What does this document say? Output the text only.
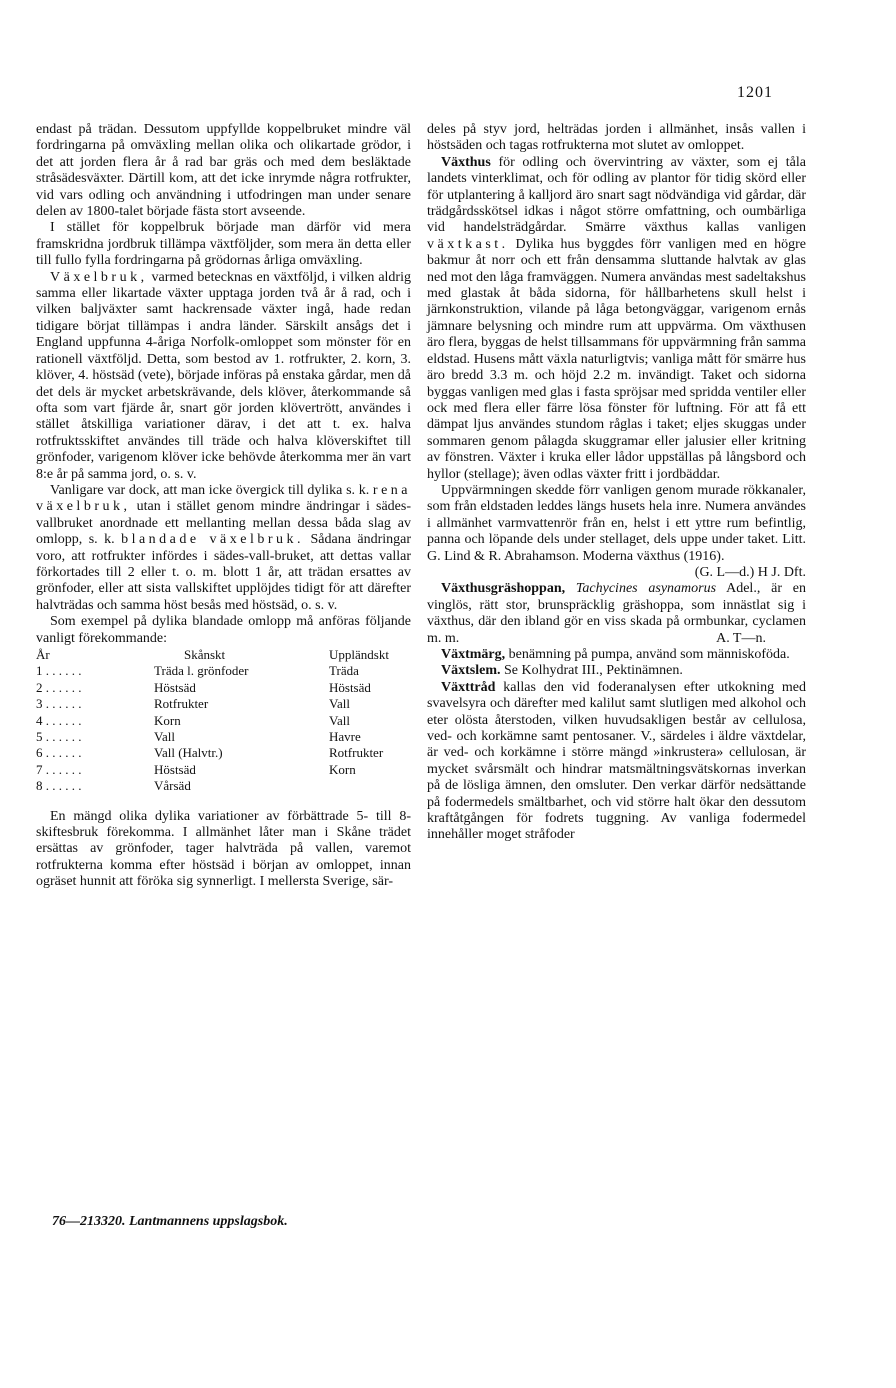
1201

endast på trädan. Dessutom uppfyllde koppelbruket mindre väl fordringarna på omväxling mellan olika och olikartade grödor, i det att jorden flera år å rad bar gräs och med dem besläktade stråsädesväxter. Därtill kom, att det icke inrymde några rotfrukter, vid vars odling och användning i utfodringen man under senare delen av 1800-talet började fästa stort avseende.

I stället för koppelbruk började man därför vid mera framskridna jordbruk tillämpa växtföljder, som mera än detta eller till fullo fylla fordringarna på grödornas årliga omväxling.

Växelbruk, varmed betecknas en växtföljd, i vilken aldrig samma eller likartade växter upptaga jorden två år å rad, och i vilken baljväxter samt hackrensade växter ingå, hade redan tidigare börjat tillämpas i andra länder. Särskilt ansågs det i England uppfunna 4-åriga Norfolk-omloppet som mönster för en rationell växtföljd. Detta, som bestod av 1. rotfrukter, 2. korn, 3. klöver, 4. höstsäd (vete), började införas på enstaka gårdar, men då det dels är mycket arbetskrävande, dels klöver, återkommande så ofta som vart fjärde år, snart gör jorden klövertrött, användes i stället åtskilliga variationer därav, i det att t. ex. halva rotfruktsskiftet användes till träde och halva klöverskiftet till grönfoder, varigenom klöver icke behövde återkomma mer än vart 8:e år på samma jord, o. s. v.

Vanligare var dock, att man icke övergick till dylika s. k. rena växelbruk, utan i stället genom mindre ändringar i sädes-vallbruket anordnade ett mellanting mellan dessa båda slag av omlopp, s. k. blandade växelbruk. Sådana ändringar voro, att rotfrukter infördes i sädes-vall-bruket, att dettas vallar förkortades till 2 eller t. o. m. blott 1 år, att trädan ersattes av grönfoder, eller att sista vallskiftet upplöjdes tidigt för att därefter halvträdas och samma höst besås med höstsäd, o. s. v.

Som exempel på dylika blandade omlopp må anföras följande vanligt förekommande:

År	Skånskt	Uppländskt
1 . . . . . .	Träda l. grönfoder	Träda
2 . . . . . .	Höstsäd	Höstsäd
3 . . . . . .	Rotfrukter	Vall
4 . . . . . .	Korn	Vall
5 . . . . . .	Vall	Havre
6 . . . . . .	Vall (Halvtr.)	Rotfrukter
7 . . . . . .	Höstsäd	Korn
8 . . . . . .	Vårsäd	

En mängd olika dylika variationer av förbättrade 5- till 8-skiftesbruk förekomma. I allmänhet låter man i Skåne trädet ersättas av grönfoder, tager halvträda på vallen, varemot rotfrukterna komma efter höstsäd i början av omloppet, innan ogräset hunnit att föröka sig synnerligt. I mellersta Sverige, sär-

deles på styv jord, helträdas jorden i allmänhet, insås vallen i höstsäden och tagas rotfrukterna mot slutet av omloppet.

Växthus för odling och övervintring av växter, som ej tåla landets vinterklimat, och för odling av plantor för tidig skörd eller för utplantering å kalljord äro snart sagt nödvändiga vid gårdar, där trädgårdsskötsel idkas i något större omfattning, och oumbärliga vid handelsträdgårdar. Smärre växthus kallas vanligen växtkast. Dylika hus byggdes förr vanligen med en högre bakmur åt norr och ett från densamma sluttande halvtak av glas ned mot den låga framväggen. Numera användas mest sadeltakshus med glastak åt båda sidorna, för hållbarhetens skull helst i järnkonstruktion, vilande på låga betongväggar, varigenom ernås jämnare belysning och mindre rum att uppvärma. Om växthusen äro flera, byggas de helst tillsammans för uppvärmning från samma eldstad. Husens mått växla naturligtvis; vanliga mått för smärre hus äro bredd 3.3 m. och höjd 2.2 m. invändigt. Taket och sidorna byggas vanligen med glas i fasta spröjsar med spridda ventiler eller ock med flera eller färre lösa fönster för luftning. För att få ett dämpat ljus användes stundom råglas i taket; eljes skuggas under sommaren genom pålagda skuggramar eller jalusier eller kritning av fönstren. Växter i kruka eller lådor uppställas på långsbord och hyllor (stellage); även odlas växter fritt i jordbäddar.

Uppvärmningen skedde förr vanligen genom murade rökkanaler, som från eldstaden leddes längs husets hela inre. Numera användes i allmänhet varmvattenrör från en, helst i ett yttre rum befintlig, panna och löpande dels under stellaget, dels uppe under taket. Litt. G. Lind & R. Abrahamson. Moderna växthus (1916).
(G. L—d.) H J. Dft.

Växthusgräshoppan, Tachycines asynamorus Adel., är en vinglös, rätt stor, brunspräcklig gräshoppa, som innästlat sig i växthus, där den ibland gör en viss skada på ormbunkar, cyclamen m. m.	A. T—n.

Växtmärg, benämning på pumpa, använd som människoföda.

Växtslem. Se Kolhydrat III., Pektinämnen.

Växttråd kallas den vid foderanalysen efter utkokning med svavelsyra och därefter med kalilut samt slutligen med alkohol och eter olösta återstoden, vilken huvudsakligen består av cellulosa, ved- och korkämne samt pentosaner. V., särdeles i äldre växtdelar, är ved- och korkämne i större mängd »inkrustera» cellulosan, är mycket svårsmält och hindrar matsmältningsvätskornas inverkan på de lösliga ämnen, den omsluter. Den verkar därför nedsättande på fodermedels smältbarhet, och vid större halt ökar den dessutom kraftåtgången för fodrets tuggning. Av vanliga fodermedel innehåller moget stråfoder

76—213320. Lantmannens uppslagsbok.
